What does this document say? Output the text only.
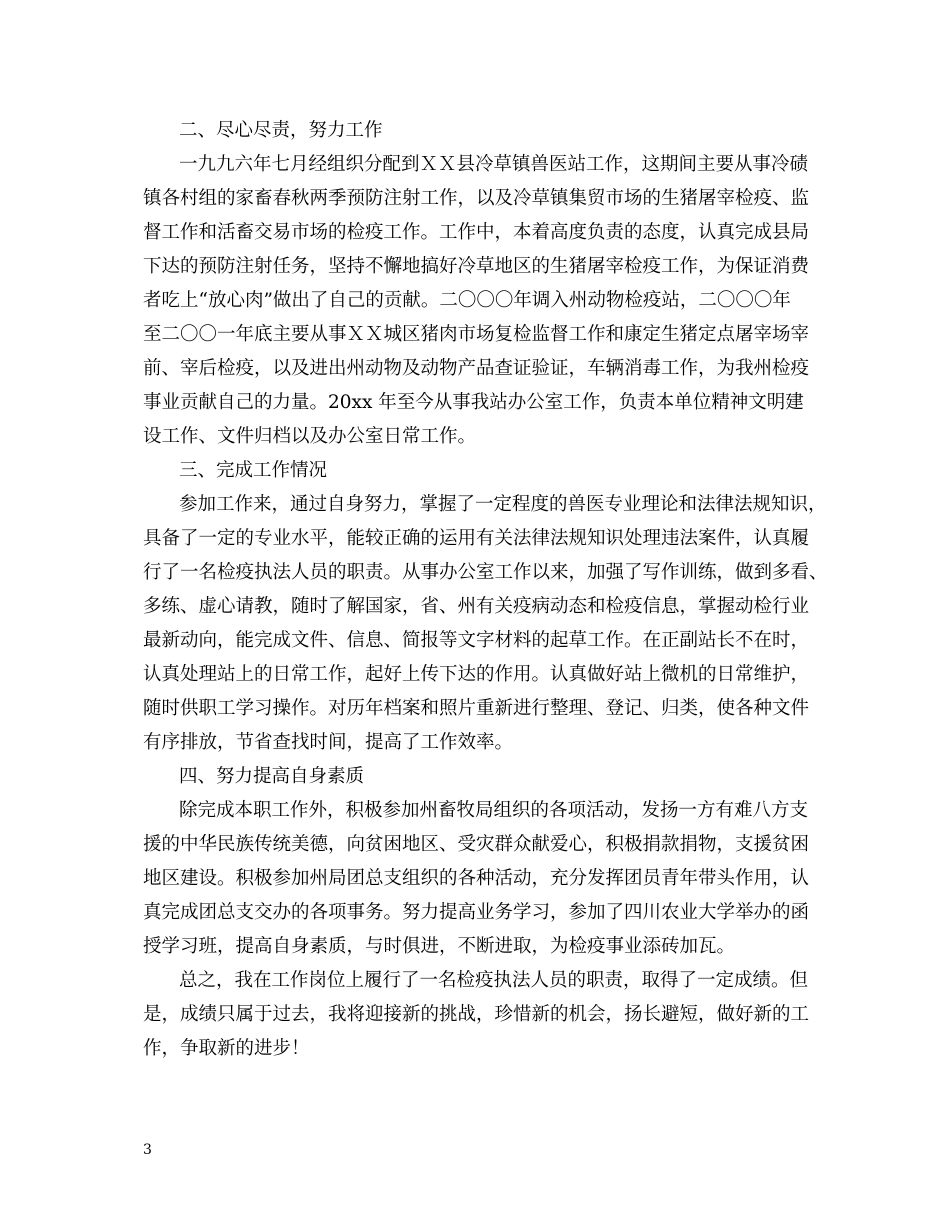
二、尽心尽责，努力工作

一九九六年七月经组织分配到ＸＸ县冷草镇兽医站工作，这期间主要从事冷碛

镇各村组的家畜春秋两季预防注射工作，以及冷草镇集贸市场的生猪屠宰检疫、监

督工作和活畜交易市场的检疫工作。工作中，本着高度负责的态度，认真完成县局

下达的预防注射任务，坚持不懈地搞好冷草地区的生猪屠宰检疫工作，为保证消费

者吃上“放心肉”做出了自己的贡献。二〇〇〇年调入州动物检疫站，二〇〇〇年

至二〇〇一年底主要从事ＸＸ城区猪肉市场复检监督工作和康定生猪定点屠宰场宰

前、宰后检疫，以及进出州动物及动物产品查证验证，车辆消毒工作，为我州检疫

事业贡献自己的力量。20xx 年至今从事我站办公室工作，负责本单位精神文明建

设工作、文件归档以及办公室日常工作。

三、完成工作情况

参加工作来，通过自身努力，掌握了一定程度的兽医专业理论和法律法规知识，

具备了一定的专业水平，能较正确的运用有关法律法规知识处理违法案件，认真履

行了一名检疫执法人员的职责。从事办公室工作以来，加强了写作训练，做到多看、

多练、虚心请教，随时了解国家，省、州有关疫病动态和检疫信息，掌握动检行业

最新动向，能完成文件、信息、简报等文字材料的起草工作。在正副站长不在时，

认真处理站上的日常工作，起好上传下达的作用。认真做好站上微机的日常维护，

随时供职工学习操作。对历年档案和照片重新进行整理、登记、归类，使各种文件

有序排放，节省查找时间，提高了工作效率。

四、努力提高自身素质

除完成本职工作外，积极参加州畜牧局组织的各项活动，发扬一方有难八方支

援的中华民族传统美德，向贫困地区、受灾群众献爱心，积极捐款捐物，支援贫困

地区建设。积极参加州局团总支组织的各种活动，充分发挥团员青年带头作用，认

真完成团总支交办的各项事务。努力提高业务学习，参加了四川农业大学举办的函

授学习班，提高自身素质，与时俱进，不断进取，为检疫事业添砖加瓦。

总之，我在工作岗位上履行了一名检疫执法人员的职责，取得了一定成绩。但

是，成绩只属于过去，我将迎接新的挑战，珍惜新的机会，扬长避短，做好新的工

作，争取新的进步！

3
